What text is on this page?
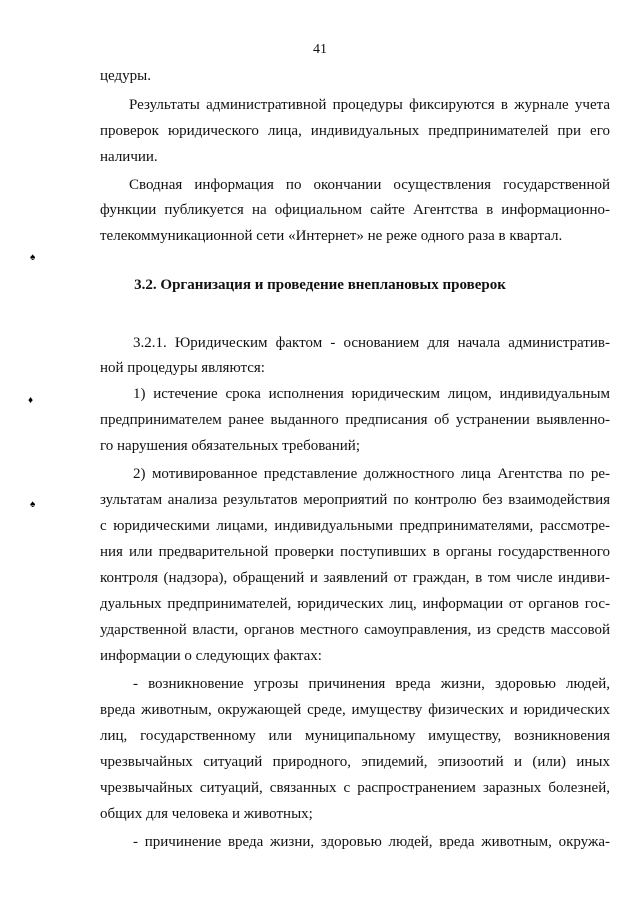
41
цедуры.
Результаты административной процедуры фиксируются в журнале учета
проверок юридического лица, индивидуальных предпринимателей при его
наличии.
Сводная информация по окончании осуществления государственной
функции публикуется на официальном сайте Агентства в информационно-
телекоммуникационной сети «Интернет» не реже одного раза в квартал.
3.2. Организация и проведение внеплановых проверок
3.2.1. Юридическим фактом - основанием для начала административ-
ной процедуры являются:
1) истечение срока исполнения юридическим лицом, индивидуальным
предпринимателем ранее выданного предписания об устранении выявленно-
го нарушения обязательных требований;
2) мотивированное представление должностного лица Агентства по ре-
зультатам анализа результатов мероприятий по контролю без взаимодействия
с юридическими лицами, индивидуальными предпринимателями, рассмотре-
ния или предварительной проверки поступивших в органы государственного
контроля (надзора), обращений и заявлений от граждан, в том числе индиви-
дуальных предпринимателей, юридических лиц, информации от органов гос-
ударственной власти, органов местного самоуправления, из средств массовой
информации о следующих фактах:
- возникновение угрозы причинения вреда жизни, здоровью людей,
вреда животным, окружающей среде, имуществу физических и юридических
лиц, государственному или муниципальному имуществу, возникновения
чрезвычайных ситуаций природного, эпидемий, эпизоотий и (или) иных
чрезвычайных ситуаций, связанных с распространением заразных болезней,
общих для человека и животных;
- причинение вреда жизни, здоровью людей, вреда животным, окружа-
♠
♦
♠
